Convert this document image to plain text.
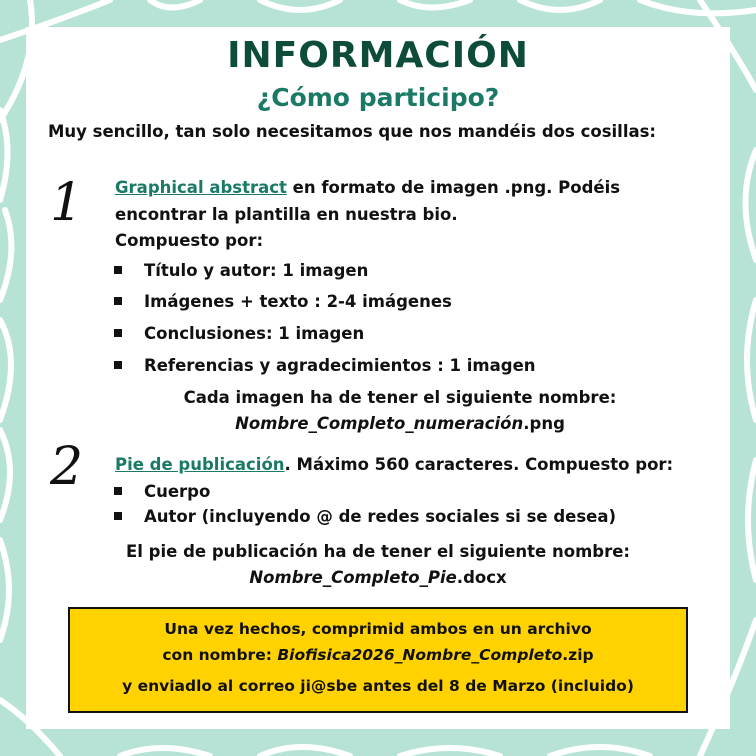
INFORMACIÓN
¿Cómo participo?
Muy sencillo, tan solo necesitamos que nos mandéis dos cosillas:
1 Graphical abstract en formato de imagen .png. Podéis
encontrar la plantilla en nuestra bio.
Compuesto por:
Título y autor: 1 imagen
Imágenes + texto : 2-4 imágenes
Conclusiones: 1 imagen
Referencias y agradecimientos : 1 imagen
Cada imagen ha de tener el siguiente nombre:
Nombre_Completo_numeración.png
2 Pie de publicación. Máximo 560 caracteres. Compuesto por:
Cuerpo
Autor (incluyendo @ de redes sociales si se desea)
El pie de publicación ha de tener el siguiente nombre:
Nombre_Completo_Pie.docx
Una vez hechos, comprimid ambos en un archivo
con nombre: Biofisica2026_Nombre_Completo.zip
y enviadlo al correo ji@sbe antes del 8 de Marzo (incluido)
